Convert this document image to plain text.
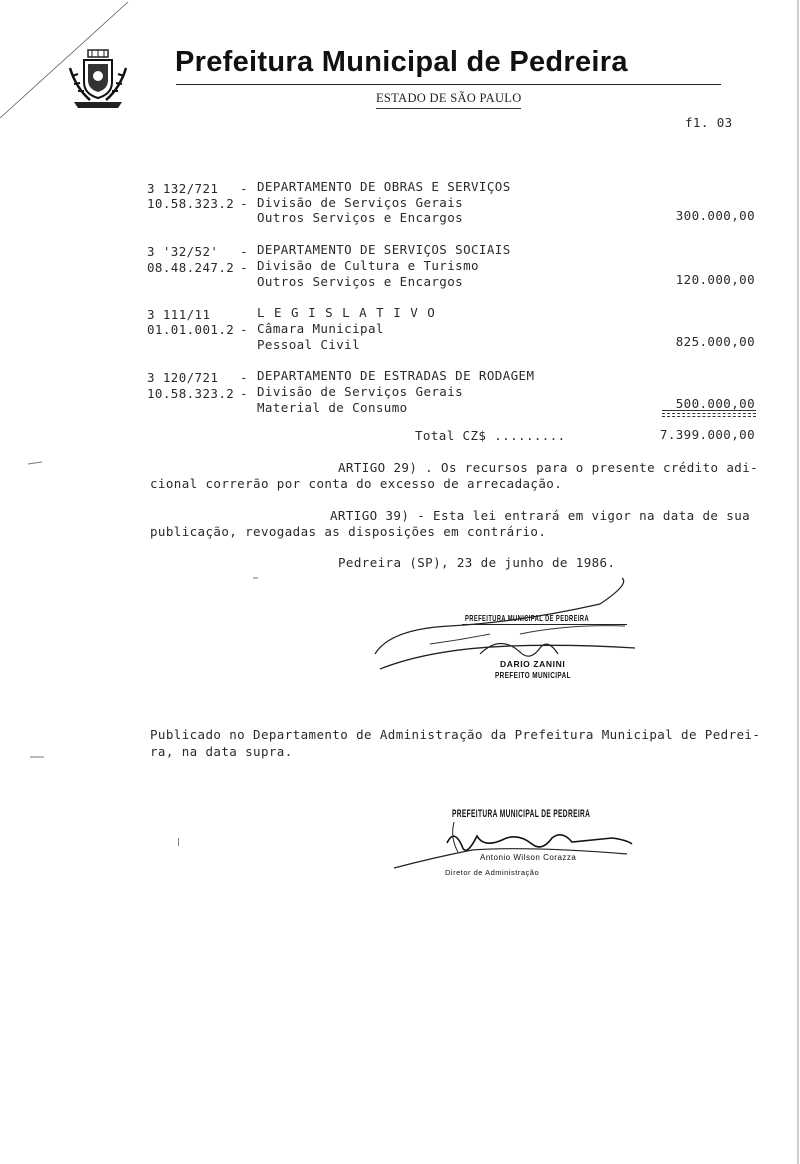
Prefeitura Municipal de Pedreira
ESTADO DE SÃO PAULO
f1. 03
3 132/721 - DEPARTAMENTO DE OBRAS E SERVIÇOS
10.58.323.2 - Divisão de Serviços Gerais
Outros Serviços e Encargos	300.000,00
3 '32/52' - DEPARTAMENTO DE SERVIÇOS SOCIAIS
08.48.247.2 - Divisão de Cultura e Turismo
Outros Serviços e Encargos	120.000,00
3 111/11	LEGISLATIVO
01.01.001.2 - Câmara Municipal
Pessoal Civil	825.000,00
3 120/721 - DEPARTAMENTO DE ESTRADAS DE RODAGEM
10.58.323.2 - Divisão de Serviços Gerais
Material de Consumo	500.000,00
Total CZ$ .........	7.399.000,00
ARTIGO 29) . Os recursos para o presente crédito adi-
cional correrão por conta do excesso de arrecadação.
ARTIGO 39) - Esta lei entrará em vigor na data de sua
publicação, revogadas as disposições em contrário.
Pedreira (SP), 23 de junho de 1986.
PREFEITURA MUNICIPAL DE PEDREIRA
DARIO ZANINI
PREFEITO MUNICIPAL
Publicado no Departamento de Administração da Prefeitura Municipal de Pedrei-
ra, na data supra.
PREFEITURA MUNICIPAL DE PEDREIRA
Antonio Wilson Corazza
Diretor de Administração
